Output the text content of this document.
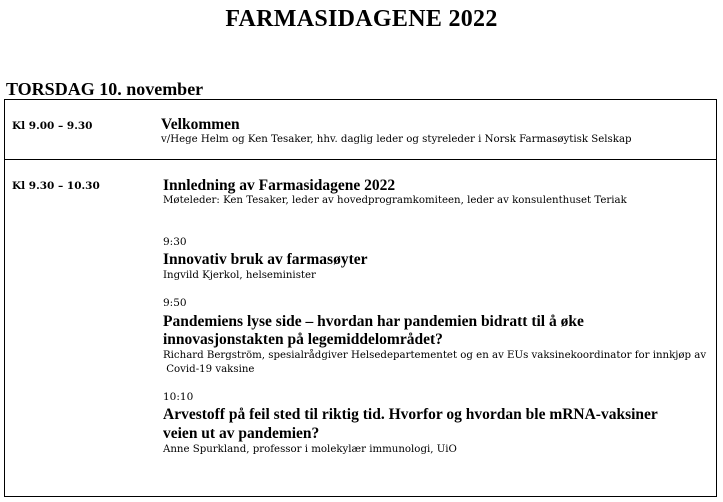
FARMASIDAGENE 2022
TORSDAG 10. november
Kl 9.00 – 9.30	Velkommen
v/Hege Helm og Ken Tesaker, hhv. daglig leder og styreleder i Norsk Farmasøytisk Selskap
Kl 9.30 – 10.30	Innledning av Farmasidagene 2022
Møteleder: Ken Tesaker, leder av hovedprogramkomiteen, leder av konsulenthuset Teriak
9:30
Innovativ bruk av farmasøyter
Ingvild Kjerkol, helseminister
9:50
Pandemiens lyse side – hvordan har pandemien bidratt til å øke
innovasjonstakten på legemiddelområdet?
Richard Bergström, spesialrådgiver Helsedepartementet og en av EUs vaksinekoordinator for innkjøp av
Covid-19 vaksine
10:10
Arvestoff på feil sted til riktig tid. Hvorfor og hvordan ble mRNA-vaksiner
veien ut av pandemien?
Anne Spurkland, professor i molekylær immunologi, UiO
